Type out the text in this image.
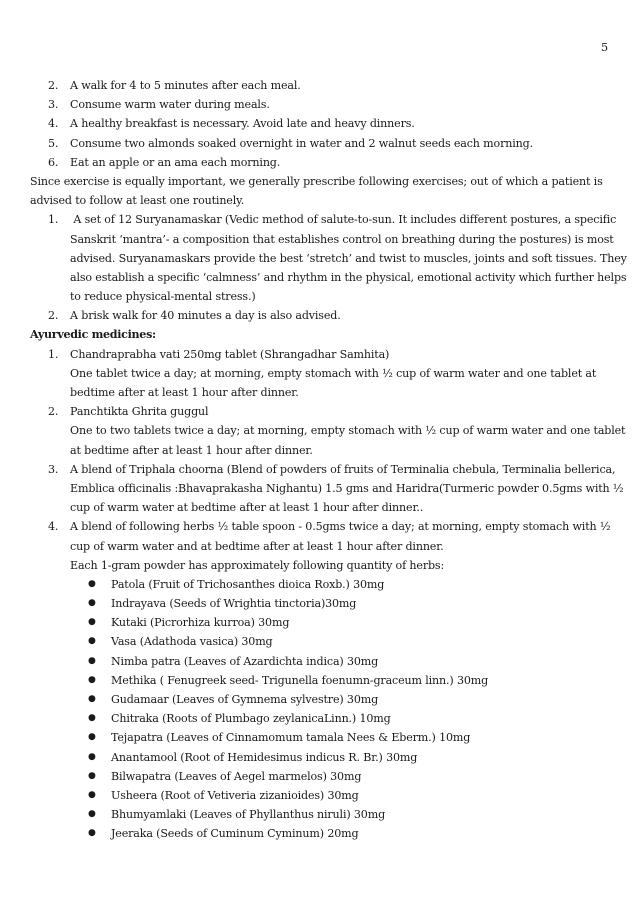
5
2. A walk for 4 to 5 minutes after each meal.
3. Consume warm water during meals.
4. A healthy breakfast is necessary. Avoid late and heavy dinners.
5. Consume two almonds soaked overnight in water and 2 walnut seeds each morning.
6. Eat an apple or an ama each morning.
Since exercise is equally important, we generally prescribe following exercises; out of which a patient is
advised to follow at least one routinely.
1. A set of 12 Suryanamaskar (Vedic method of salute-to-sun. It includes different postures, a specific
Sanskrit ‘mantra’- a composition that establishes control on breathing during the postures) is most
advised. Suryanamaskars provide the best ‘stretch’ and twist to muscles, joints and soft tissues. They
also establish a specific ‘calmness’ and rhythm in the physical, emotional activity which further helps
to reduce physical-mental stress.)
2. A brisk walk for 40 minutes a day is also advised.
Ayurvedic medicines:
1. Chandraprabha vati 250mg tablet (Shrangadhar Samhita)
One tablet twice a day; at morning, empty stomach with ½ cup of warm water and one tablet at
bedtime after at least 1 hour after dinner.
2. Panchtikta Ghrita guggul
One to two tablets twice a day; at morning, empty stomach with ½ cup of warm water and one tablet
at bedtime after at least 1 hour after dinner.
3. A blend of Triphala choorna (Blend of powders of fruits of Terminalia chebula, Terminalia bellerica,
Emblica officinalis :Bhavaprakasha Nighantu) 1.5 gms and Haridra(Turmeric powder 0.5gms with ½
cup of warm water at bedtime after at least 1 hour after dinner..
4. A blend of following herbs ½ table spoon - 0.5gms twice a day; at morning, empty stomach with ½
cup of warm water and at bedtime after at least 1 hour after dinner.
Each 1-gram powder has approximately following quantity of herbs:
●
Patola (Fruit of Trichosanthes dioica Roxb.) 30mg
●
Indrayava (Seeds of Wrightia tinctoria)30mg
●
Kutaki (Picrorhiza kurroa) 30mg
●
Vasa (Adathoda vasica) 30mg
●
Nimba patra (Leaves of Azardichta indica) 30mg
●
Methika ( Fenugreek seed- Trigunella foenumn-graceum linn.) 30mg
●
Gudamaar (Leaves of Gymnema sylvestre) 30mg
●
Chitraka (Roots of Plumbago zeylanicaLinn.) 10mg
●
Tejapatra (Leaves of Cinnamomum tamala Nees & Eberm.) 10mg
●
Anantamool (Root of Hemidesimus indicus R. Br.) 30mg
●
Bilwapatra (Leaves of Aegel marmelos) 30mg
●
Usheera (Root of Vetiveria zizanioides) 30mg
●
Bhumyamlaki (Leaves of Phyllanthus niruli) 30mg
●
Jeeraka (Seeds of Cuminum Cyminum) 20mg
